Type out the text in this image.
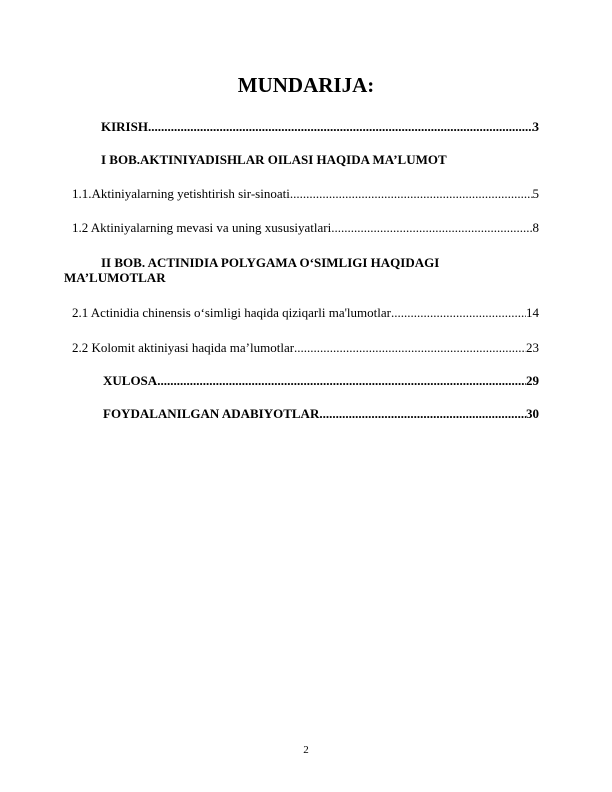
MUNDARIJA:
KIRISH .....	3
I BOB.AKTINIYADISHLAR OILASI HAQIDA MA’LUMOT
1.1.Aktiniyalarning yetishtirish sir-sinoati .....	5
1.2 Aktiniyalarning mevasi va uning xususiyatlari .....	8
II BOB. ACTINIDIA POLYGAMA O‘SIMLIGI HAQIDAGI
MA’LUMOTLAR
2.1 Actinidia chinensis o‘simligi haqida qiziqarli ma'lumotlar .....	14
2.2 Kolomit aktiniyasi haqida ma’lumotlar .....	23
XULOSA .....	29
FOYDALANILGAN ADABIYOTLAR .....	30
2
